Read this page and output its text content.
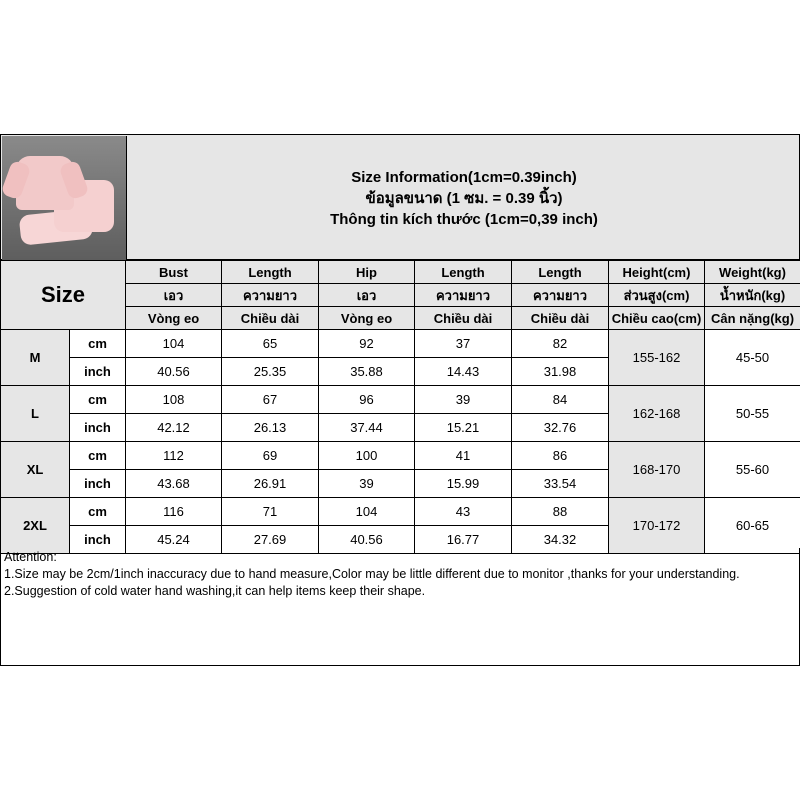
Size Information(1cm=0.39inch)
ข้อมูลขนาด (1 ซม. = 0.39 นิ้ว)
Thông tin kích thước (1cm=0,39 inch)
Size		Bust	Length	Hip	Length	Length	Height(cm)	Weight(kg)
		เอว	ความยาว	เอว	ความยาว	ความยาว	ส่วนสูง(cm)	น้ำหนัก(kg)
		Vòng eo	Chiều dài	Vòng eo	Chiều dài	Chiều dài	Chiều cao(cm)	Cân nặng(kg)
M	cm	104	65	92	37	82	155-162	45-50
	inch	40.56	25.35	35.88	14.43	31.98		
L	cm	108	67	96	39	84	162-168	50-55
	inch	42.12	26.13	37.44	15.21	32.76		
XL	cm	112	69	100	41	86	168-170	55-60
	inch	43.68	26.91	39	15.99	33.54		
2XL	cm	116	71	104	43	88	170-172	60-65
	inch	45.24	27.69	40.56	16.77	34.32		
Attention:
1.Size may be 2cm/1inch inaccuracy due to hand measure,Color may be little different due to monitor ,thanks for your understanding.
2.Suggestion of cold water hand washing,it can help items keep their shape.
